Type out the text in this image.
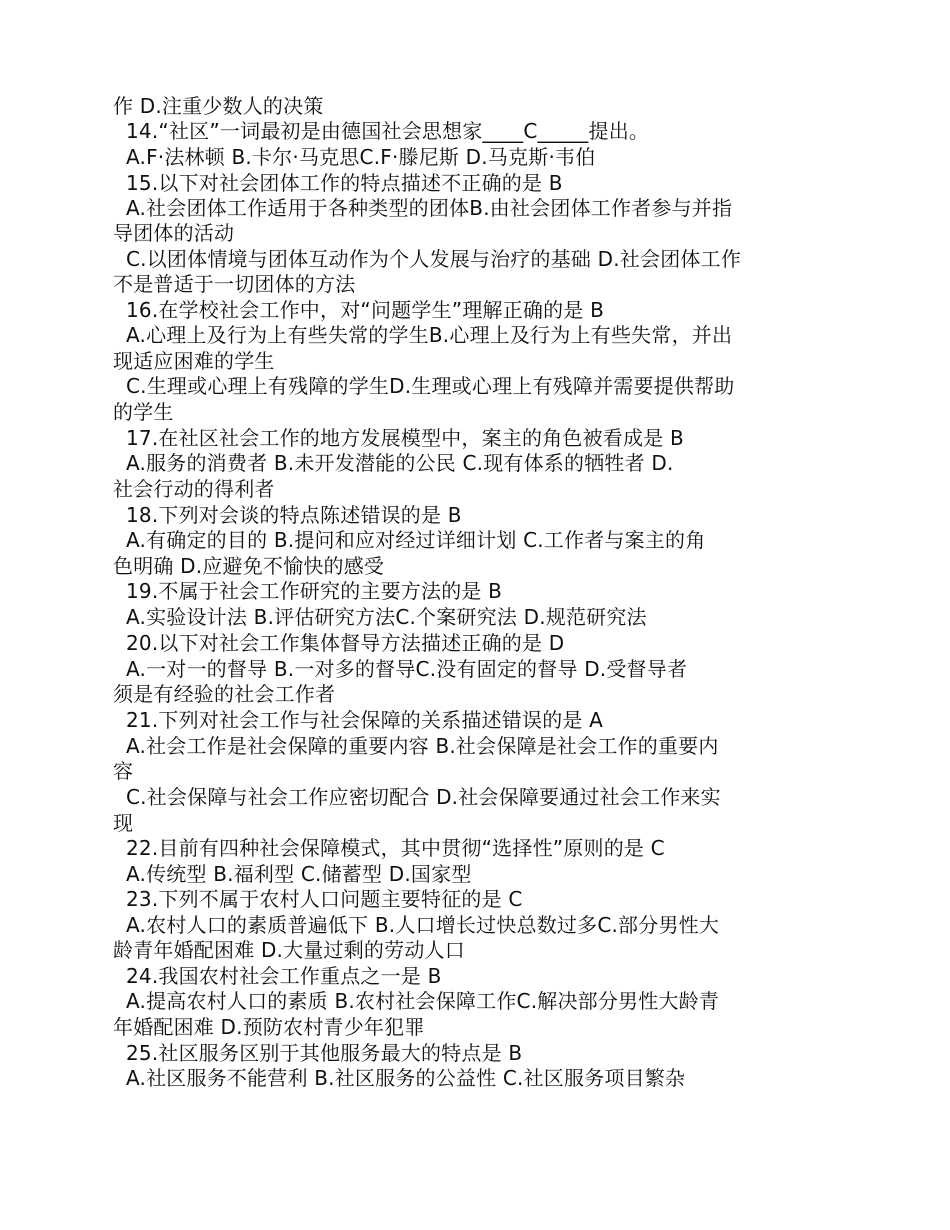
作 D.注重少数人的决策
14.“社区”一词最初是由德国社会思想家____C_____提出。
A.F·法林顿 B.卡尔·马克思C.F·滕尼斯 D.马克斯·韦伯
15.以下对社会团体工作的特点描述不正确的是 B
A.社会团体工作适用于各种类型的团体B.由社会团体工作者参与并指
导团体的活动
C.以团体情境与团体互动作为个人发展与治疗的基础 D.社会团体工作
不是普适于一切团体的方法
16.在学校社会工作中，对“问题学生”理解正确的是 B
A.心理上及行为上有些失常的学生B.心理上及行为上有些失常，并出
现适应困难的学生
C.生理或心理上有残障的学生D.生理或心理上有残障并需要提供帮助
的学生
17.在社区社会工作的地方发展模型中，案主的角色被看成是 B
A.服务的消费者 B.未开发潜能的公民 C.现有体系的牺牲者 D.
社会行动的得利者
18.下列对会谈的特点陈述错误的是 B
A.有确定的目的 B.提问和应对经过详细计划 C.工作者与案主的角
色明确 D.应避免不愉快的感受
19.不属于社会工作研究的主要方法的是 B
A.实验设计法 B.评估研究方法C.个案研究法 D.规范研究法
20.以下对社会工作集体督导方法描述正确的是 D
A.一对一的督导 B.一对多的督导C.没有固定的督导 D.受督导者
须是有经验的社会工作者
21.下列对社会工作与社会保障的关系描述错误的是 A
A.社会工作是社会保障的重要内容 B.社会保障是社会工作的重要内
容
C.社会保障与社会工作应密切配合 D.社会保障要通过社会工作来实
现
22.目前有四种社会保障模式，其中贯彻“选择性”原则的是 C
A.传统型 B.福利型 C.储蓄型 D.国家型
23.下列不属于农村人口问题主要特征的是 C
A.农村人口的素质普遍低下 B.人口增长过快总数过多C.部分男性大
龄青年婚配困难 D.大量过剩的劳动人口
24.我国农村社会工作重点之一是 B
A.提高农村人口的素质 B.农村社会保障工作C.解决部分男性大龄青
年婚配困难 D.预防农村青少年犯罪
25.社区服务区别于其他服务最大的特点是 B
A.社区服务不能营利 B.社区服务的公益性 C.社区服务项目繁杂
